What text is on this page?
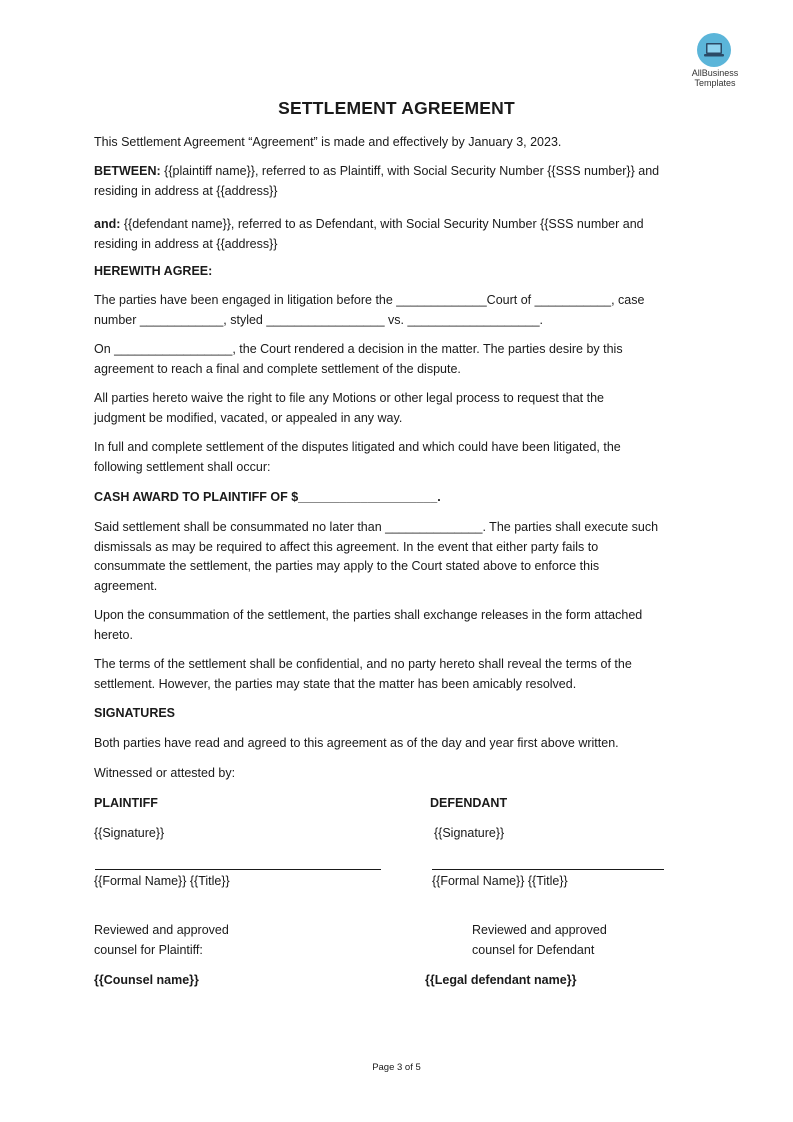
AllBusiness
Templates
SETTLEMENT AGREEMENT

This Settlement Agreement “Agreement” is made and effectively by January 3, 2023.

BETWEEN: {{plaintiff name}}, referred to as Plaintiff, with Social Security Number {{SSS number}} and
residing in address at {{address}}

and: {{defendant name}}, referred to as Defendant, with Social Security Number {{SSS number and
residing in address at {{address}}

HEREWITH AGREE:

The parties have been engaged in litigation before the _____________Court of ___________, case
number ____________, styled _________________ vs. ___________________.

On _________________, the Court rendered a decision in the matter. The parties desire by this
agreement to reach a final and complete settlement of the dispute.

All parties hereto waive the right to file any Motions or other legal process to request that the
judgment be modified, vacated, or appealed in any way.

In full and complete settlement of the disputes litigated and which could have been litigated, the
following settlement shall occur:

CASH AWARD TO PLAINTIFF OF $____________________.

Said settlement shall be consummated no later than ______________. The parties shall execute such
dismissals as may be required to affect this agreement. In the event that either party fails to
consummate the settlement, the parties may apply to the Court stated above to enforce this
agreement.

Upon the consummation of the settlement, the parties shall exchange releases in the form attached
hereto.

The terms of the settlement shall be confidential, and no party hereto shall reveal the terms of the
settlement. However, the parties may state that the matter has been amicably resolved.

SIGNATURES

Both parties have read and agreed to this agreement as of the day and year first above written.

Witnessed or attested by:

PLAINTIFF

{{Signature}}

{{Formal Name}} {{Title}}

Reviewed and approved
counsel for Plaintiff:

{{Counsel name}}

DEFENDANT

{{Signature}}

{{Formal Name}} {{Title}}

Reviewed and approved
counsel for Defendant

{{Legal defendant name}}

Page 3 of 5
